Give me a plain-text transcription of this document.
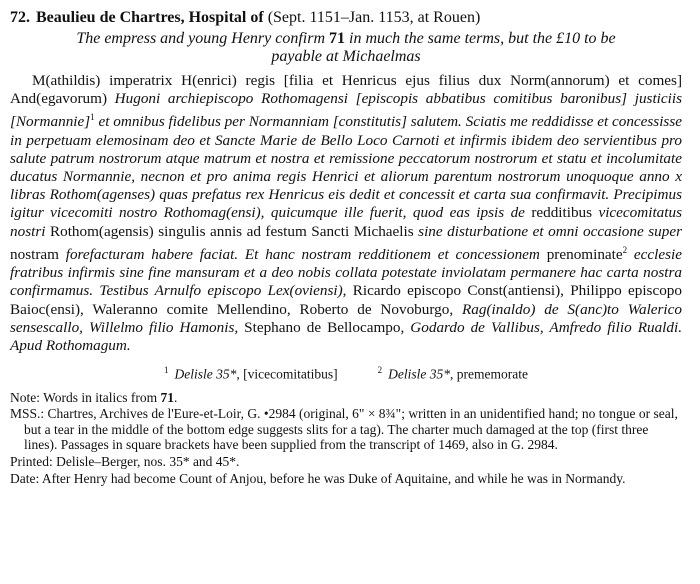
72. Beaulieu de Chartres, Hospital of (Sept. 1151–Jan. 1153, at Rouen)
The empress and young Henry confirm 71 in much the same terms, but the £10 to be payable at Michaelmas

M(athildis) imperatrix H(enrici) regis [filia et Henricus ejus filius dux Norm(annorum) et comes] And(egavorum) Hugoni archiepiscopo Rothomagensi [episcopis abbatibus comitibus baronibus] justiciis [Normannie]$^1$ et omnibus fidelibus per Normanniam [constitutis] salutem. Sciatis me reddidisse et concessisse in perpetuam elemosinam deo et Sancte Marie de Bello Loco Carnoti et infirmis ibidem deo servientibus pro salute patrum nostrorum atque matrum et nostra et remissione peccatorum nostrorum et statu et incolumitate ducatus Normannie, necnon et pro anima regis Henrici et aliorum parentum nostrorum unoquoque anno x libras Rothom(agenses) quas prefatus rex Henricus eis dedit et concessit et carta sua confirmavit. Precipimus igitur vicecomiti nostro Rothomag(ensi), quicumque ille fuerit, quod eas ipsis de redditibus vicecomitatus nostri Rothom(agensis) singulis annis ad festum Sancti Michaelis sine disturbatione et omni occasione super nostram forefacturam habere faciat. Et hanc nostram redditionem et concessionem prenominate$^2$ ecclesie fratribus infirmis sine fine mansuram et a deo nobis collata potestate inviolatam permanere hac carta nostra confirmamus. Testibus Arnulfo episcopo Lex(oviensi), Ricardo episcopo Const(antiensi), Philippo episcopo Baioc(ensi), Waleranno comite Mellendino, Roberto de Novoburgo, Rag(inaldo) de S(anc)to Walerico sensescallo, Willelmo filio Hamonis, Stephano de Bellocampo, Godardo de Vallibus, Amfredo filio Rualdi. Apud Rothomagum.

$^1$ Delisle 35*, [vicecomitatibus]	$^2$ Delisle 35*, prememorate
Note: Words in italics from 71.
MSS.: Chartres, Archives de l'Eure-et-Loir, G. •2984 (original, 6" × 8¾"; written in an unidentified hand; no tongue or seal, but a tear in the middle of the bottom edge suggests slits for a tag). The charter much damaged at the top (first three lines). Passages in square brackets have been supplied from the transcript of 1469, also in G. 2984.
Printed: Delisle–Berger, nos. 35* and 45*.
Date: After Henry had become Count of Anjou, before he was Duke of Aquitaine, and while he was in Normandy.
